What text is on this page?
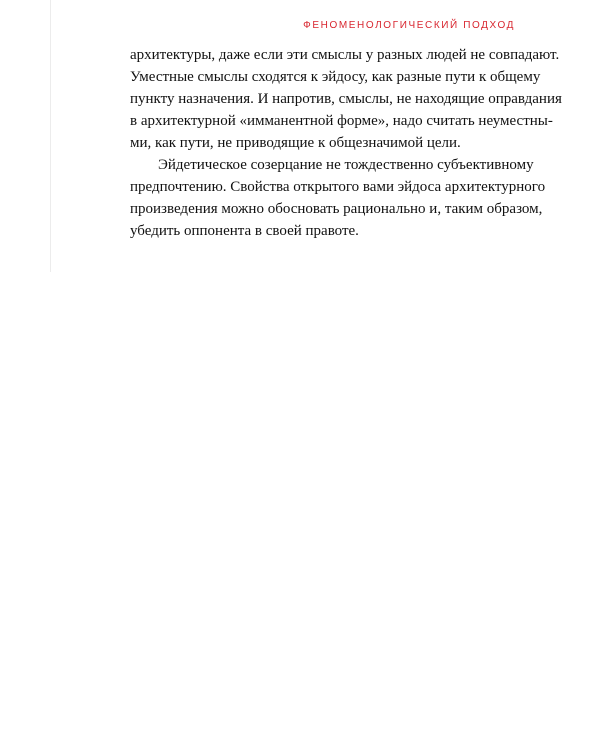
ФЕНОМЕНОЛОГИЧЕСКИЙ ПОДХОД

архитектуры, даже если эти смыслы у разных людей не совпадают.
Уместные смыслы сходятся к эйдосу, как разные пути к общему
пункту назначения. И напротив, смыслы, не находящие оправдания
в архитектурной «имманентной форме», надо считать неуместны-
ми, как пути, не приводящие к общезначимой цели.

Эйдетическое созерцание не тождественно субъективному
предпочтению. Свойства открытого вами эйдоса архитектурного
произведения можно обосновать рационально и, таким образом,
убедить оппонента в своей правоте.
